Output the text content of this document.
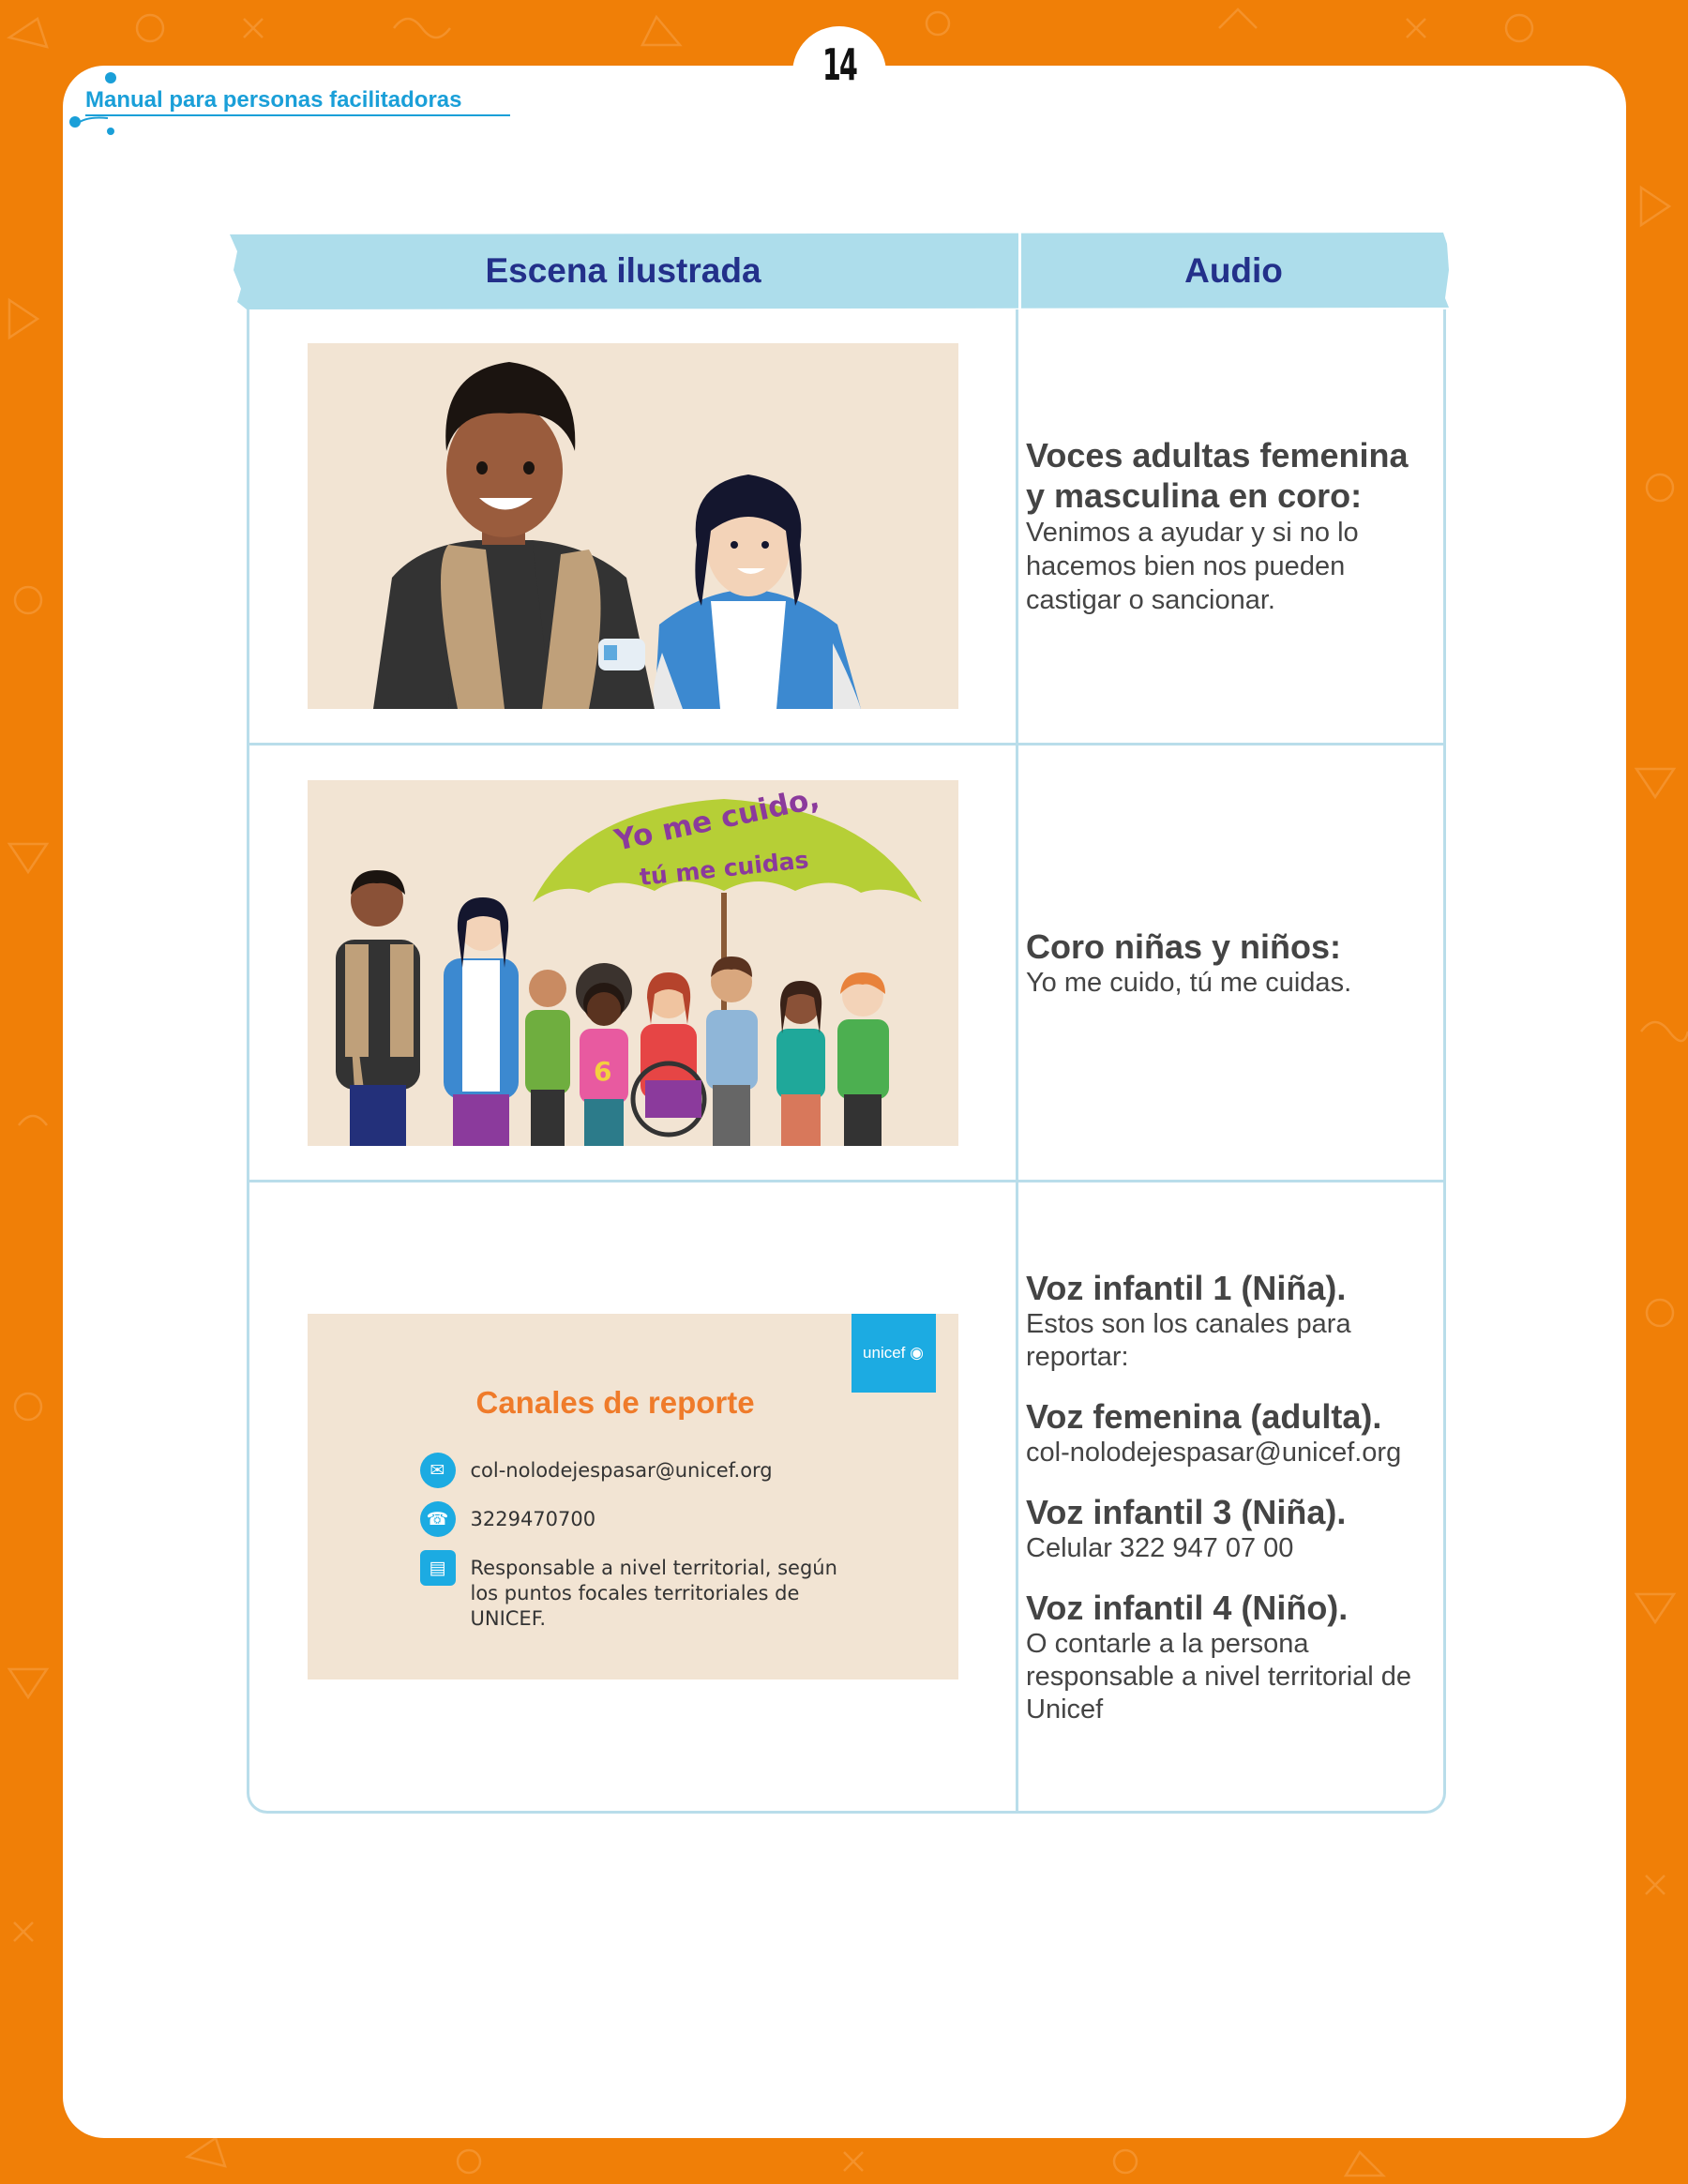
14
Manual para personas facilitadoras
Escena ilustrada	Audio
Voces adultas femenina y masculina en coro: Venimos a ayudar y si no lo hacemos bien nos pueden castigar o sancionar.
Yo me cuido,
tú me cuidas
6
Coro niñas y niños:
Yo me cuido, tú me cuidas.
unicef ◉
Canales de reporte
✉	col-nolodejespasar@unicef.org
☎	3229470700
▤	Responsable a nivel territorial, según los puntos focales territoriales de UNICEF.
Voz infantil 1 (Niña).
Estos son los canales para reportar:
Voz femenina (adulta).
col-nolodejespasar@unicef.org
Voz infantil 3 (Niña).
Celular 322 947 07 00
Voz infantil 4 (Niño).
O contarle a la persona responsable a nivel territorial de Unicef
